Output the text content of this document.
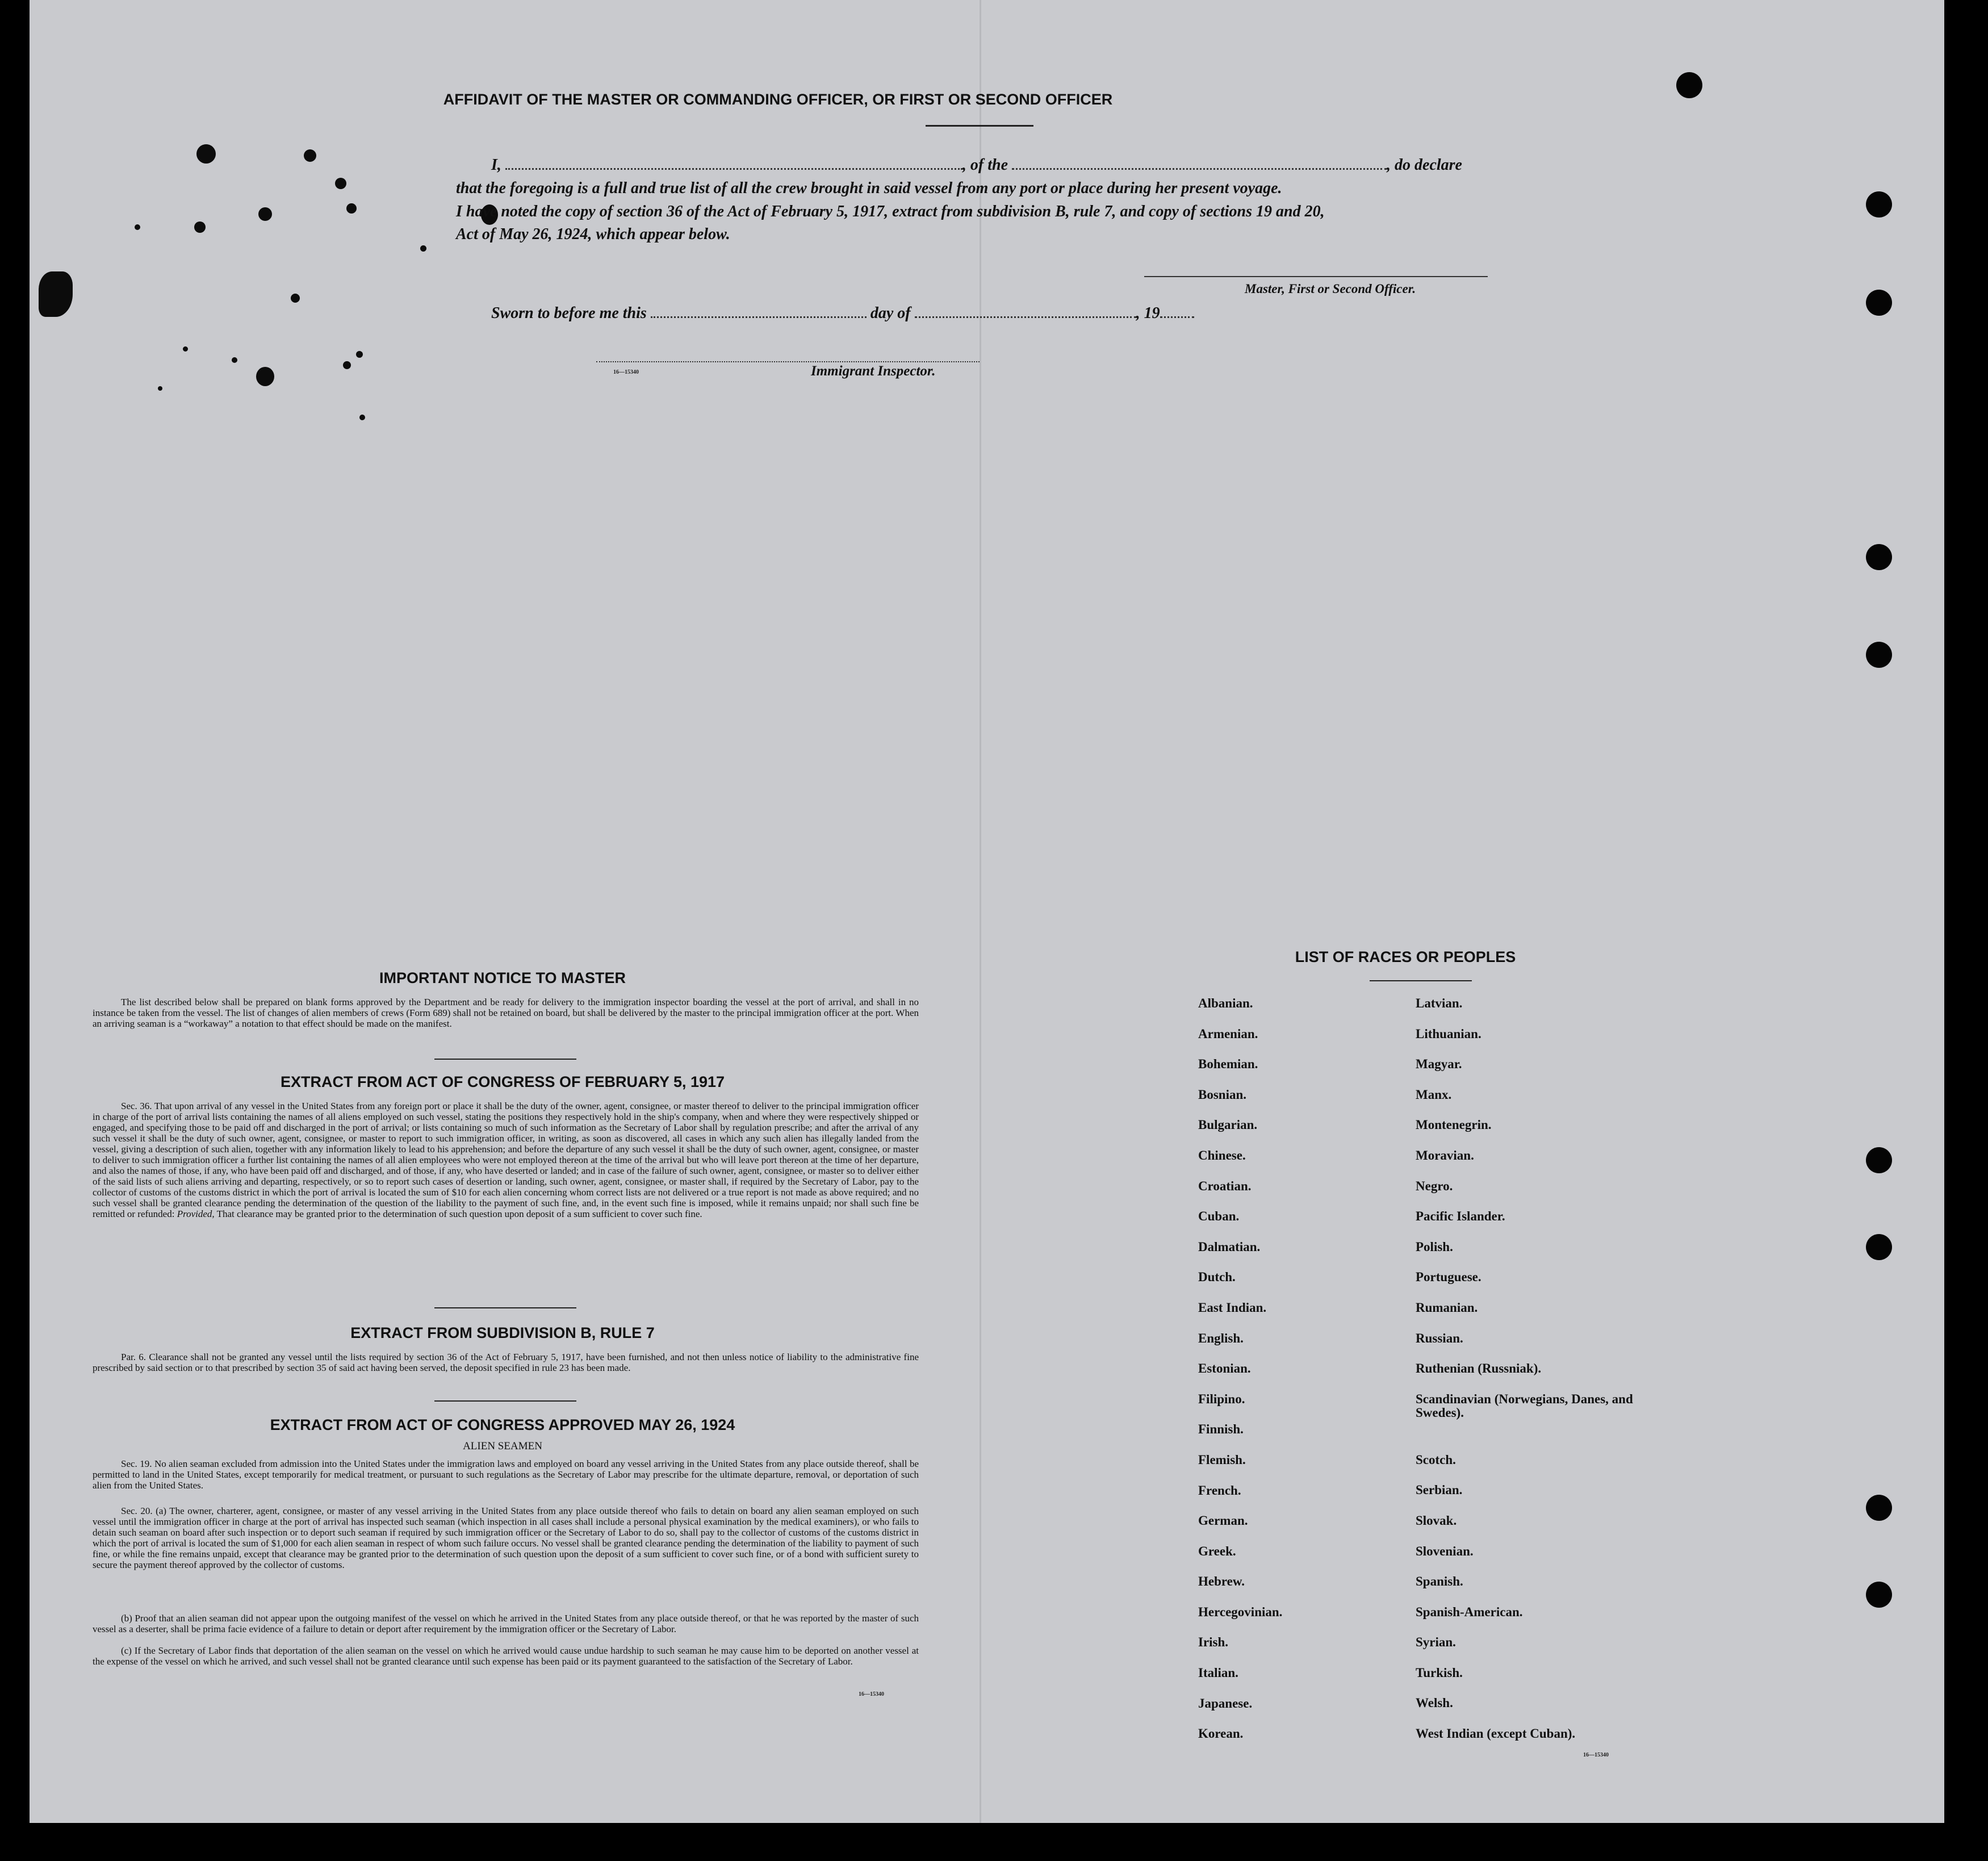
AFFIDAVIT OF THE MASTER OR COMMANDING OFFICER, OR FIRST OR SECOND OFFICER
I,	, of the	, do declare
that the foregoing is a full and true list of all the crew brought in said vessel from any port or place during her present voyage.
I have noted the copy of section 36 of the Act of February 5, 1917, extract from subdivision B, rule 7, and copy of sections 19 and 20,
Act of May 26, 1924, which appear below.
Master, First or Second Officer.
Sworn to before me this	day of	, 19
16—15340	Immigrant Inspector.
IMPORTANT NOTICE TO MASTER

The list described below shall be prepared on blank forms approved by the Department and be ready for delivery to the immigration inspector boarding the vessel at the port of arrival, and shall in no instance be taken from the vessel. The list of changes of alien members of crews (Form 689) shall not be retained on board, but shall be delivered by the master to the principal immigration officer at the port. When an arriving seaman is a “workaway” a notation to that effect should be made on the manifest.

EXTRACT FROM ACT OF CONGRESS OF FEBRUARY 5, 1917

Sec. 36. That upon arrival of any vessel in the United States from any foreign port or place it shall be the duty of the owner, agent, consignee, or master thereof to deliver to the principal immigration officer in charge of the port of arrival lists containing the names of all aliens employed on such vessel, stating the positions they respectively hold in the ship's company, when and where they were respectively shipped or engaged, and specifying those to be paid off and discharged in the port of arrival; or lists containing so much of such information as the Secretary of Labor shall by regulation prescribe; and after the arrival of any such vessel it shall be the duty of such owner, agent, consignee, or master to report to such immigration officer, in writing, as soon as discovered, all cases in which any such alien has illegally landed from the vessel, giving a description of such alien, together with any information likely to lead to his apprehension; and before the departure of any such vessel it shall be the duty of such owner, agent, consignee, or master to deliver to such immigration officer a further list containing the names of all alien employees who were not employed thereon at the time of the arrival but who will leave port thereon at the time of her departure, and also the names of those, if any, who have been paid off and discharged, and of those, if any, who have deserted or landed; and in case of the failure of such owner, agent, consignee, or master so to deliver either of the said lists of such aliens arriving and departing, respectively, or so to report such cases of desertion or landing, such owner, agent, consignee, or master shall, if required by the Secretary of Labor, pay to the collector of customs of the customs district in which the port of arrival is located the sum of $10 for each alien concerning whom correct lists are not delivered or a true report is not made as above required; and no such vessel shall be granted clearance pending the determination of the question of the liability to the payment of such fine, and, in the event such fine is imposed, while it remains unpaid; nor shall such fine be remitted or refunded: Provided, That clearance may be granted prior to the determination of such question upon deposit of a sum sufficient to cover such fine.

EXTRACT FROM SUBDIVISION B, RULE 7

Par. 6. Clearance shall not be granted any vessel until the lists required by section 36 of the Act of February 5, 1917, have been furnished, and not then unless notice of liability to the administrative fine prescribed by said section or to that prescribed by section 35 of said act having been served, the deposit specified in rule 23 has been made.

EXTRACT FROM ACT OF CONGRESS APPROVED MAY 26, 1924
ALIEN SEAMEN

Sec. 19. No alien seaman excluded from admission into the United States under the immigration laws and employed on board any vessel arriving in the United States from any place outside thereof, shall be permitted to land in the United States, except temporarily for medical treatment, or pursuant to such regulations as the Secretary of Labor may prescribe for the ultimate departure, removal, or deportation of such alien from the United States.

Sec. 20. (a) The owner, charterer, agent, consignee, or master of any vessel arriving in the United States from any place outside thereof who fails to detain on board any alien seaman employed on such vessel until the immigration officer in charge at the port of arrival has inspected such seaman (which inspection in all cases shall include a personal physical examination by the medical examiners), or who fails to detain such seaman on board after such inspection or to deport such seaman if required by such immigration officer or the Secretary of Labor to do so, shall pay to the collector of customs of the customs district in which the port of arrival is located the sum of $1,000 for each alien seaman in respect of whom such failure occurs. No vessel shall be granted clearance pending the determination of the liability to payment of such fine, or while the fine remains unpaid, except that clearance may be granted prior to the determination of such question upon the deposit of a sum sufficient to cover such fine, or of a bond with sufficient surety to secure the payment thereof approved by the collector of customs.

(b) Proof that an alien seaman did not appear upon the outgoing manifest of the vessel on which he arrived in the United States from any place outside thereof, or that he was reported by the master of such vessel as a deserter, shall be prima facie evidence of a failure to detain or deport after requirement by the immigration officer or the Secretary of Labor.

(c) If the Secretary of Labor finds that deportation of the alien seaman on the vessel on which he arrived would cause undue hardship to such seaman he may cause him to be deported on another vessel at the expense of the vessel on which he arrived, and such vessel shall not be granted clearance until such expense has been paid or its payment guaranteed to the satisfaction of the Secretary of Labor.

16—15340
LIST OF RACES OR PEOPLES
Albanian.
Armenian.
Bohemian.
Bosnian.
Bulgarian.
Chinese.
Croatian.
Cuban.
Dalmatian.
Dutch.
East Indian.
English.
Estonian.
Filipino.
Finnish.
Flemish.
French.
German.
Greek.
Hebrew.
Hercegovinian.
Irish.
Italian.
Japanese.
Korean.
Latvian.
Lithuanian.
Magyar.
Manx.
Montenegrin.
Moravian.
Negro.
Pacific Islander.
Polish.
Portuguese.
Rumanian.
Russian.
Ruthenian (Russniak).
Scandinavian (Norwegians, Danes, and Swedes).
Scotch.
Serbian.
Slovak.
Slovenian.
Spanish.
Spanish-American.
Syrian.
Turkish.
Welsh.
West Indian (except Cuban).
16—15340
